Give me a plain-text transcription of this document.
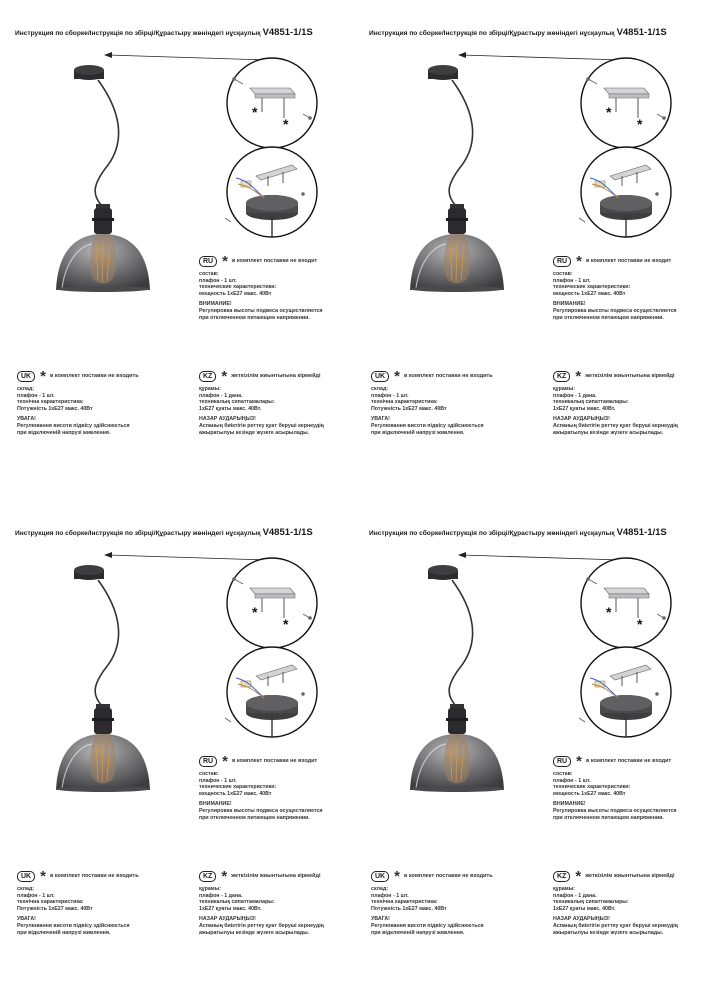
Инструкция по сборке/Інструкція по збірці/Құрастыру жөніндегі нұсқаулық V4851-1/1S
*
*
RU * в комплект поставки не входит
состав:
плафон - 1 шт.
технические характеристики:
мощность 1хЕ27 макс. 40Вт
ВНИМАНИЕ!
Регулировка высоты подвеса осуществляется
при отключенном питающем напряжении.
UK * в комплект поставки не входить
склад:
плафон - 1 шт.
технічна характеристика:
Потужність 1хЕ27 макс. 40Вт
УВАГА!
Регулювання висоти підвісу здійснюється
при відключеній напрузі живлення.
KZ * жеткізілім жиынтығына кірмейді
құрамы:
плафон - 1 дана.
техникалық сипаттамалары:
1хЕ27 қуаты макс. 40Вт.
НАЗАР АУДАРЫҢЫЗ!
Аспаның биіктігін реттеу қуат беруші кернеудің
ажыратылуы кезінде жүзеге асырылады.
Инструкция по сборке/Інструкція по збірці/Құрастыру жөніндегі нұсқаулық V4851-1/1S
*
*
RU * в комплект поставки не входит
состав:
плафон - 1 шт.
технические характеристики:
мощность 1хЕ27 макс. 40Вт
ВНИМАНИЕ!
Регулировка высоты подвеса осуществляется
при отключенном питающем напряжении.
UK * в комплект поставки не входить
склад:
плафон - 1 шт.
технічна характеристика:
Потужність 1хЕ27 макс. 40Вт
УВАГА!
Регулювання висоти підвісу здійснюється
при відключеній напрузі живлення.
KZ * жеткізілім жиынтығына кірмейді
құрамы:
плафон - 1 дана.
техникалық сипаттамалары:
1хЕ27 қуаты макс. 40Вт.
НАЗАР АУДАРЫҢЫЗ!
Аспаның биіктігін реттеу қуат беруші кернеудің
ажыратылуы кезінде жүзеге асырылады.
Инструкция по сборке/Інструкція по збірці/Құрастыру жөніндегі нұсқаулық V4851-1/1S
*
*
RU * в комплект поставки не входит
состав:
плафон - 1 шт.
технические характеристики:
мощность 1хЕ27 макс. 40Вт
ВНИМАНИЕ!
Регулировка высоты подвеса осуществляется
при отключенном питающем напряжении.
UK * в комплект поставки не входить
склад:
плафон - 1 шт.
технічна характеристика:
Потужність 1хЕ27 макс. 40Вт
УВАГА!
Регулювання висоти підвісу здійснюється
при відключеній напрузі живлення.
KZ * жеткізілім жиынтығына кірмейді
құрамы:
плафон - 1 дана.
техникалық сипаттамалары:
1хЕ27 қуаты макс. 40Вт.
НАЗАР АУДАРЫҢЫЗ!
Аспаның биіктігін реттеу қуат беруші кернеудің
ажыратылуы кезінде жүзеге асырылады.
Инструкция по сборке/Інструкція по збірці/Құрастыру жөніндегі нұсқаулық V4851-1/1S
*
*
RU * в комплект поставки не входит
состав:
плафон - 1 шт.
технические характеристики:
мощность 1хЕ27 макс. 40Вт
ВНИМАНИЕ!
Регулировка высоты подвеса осуществляется
при отключенном питающем напряжении.
UK * в комплект поставки не входить
склад:
плафон - 1 шт.
технічна характеристика:
Потужність 1хЕ27 макс. 40Вт
УВАГА!
Регулювання висоти підвісу здійснюється
при відключеній напрузі живлення.
KZ * жеткізілім жиынтығына кірмейді
құрамы:
плафон - 1 дана.
техникалық сипаттамалары:
1хЕ27 қуаты макс. 40Вт.
НАЗАР АУДАРЫҢЫЗ!
Аспаның биіктігін реттеу қуат беруші кернеудің
ажыратылуы кезінде жүзеге асырылады.
